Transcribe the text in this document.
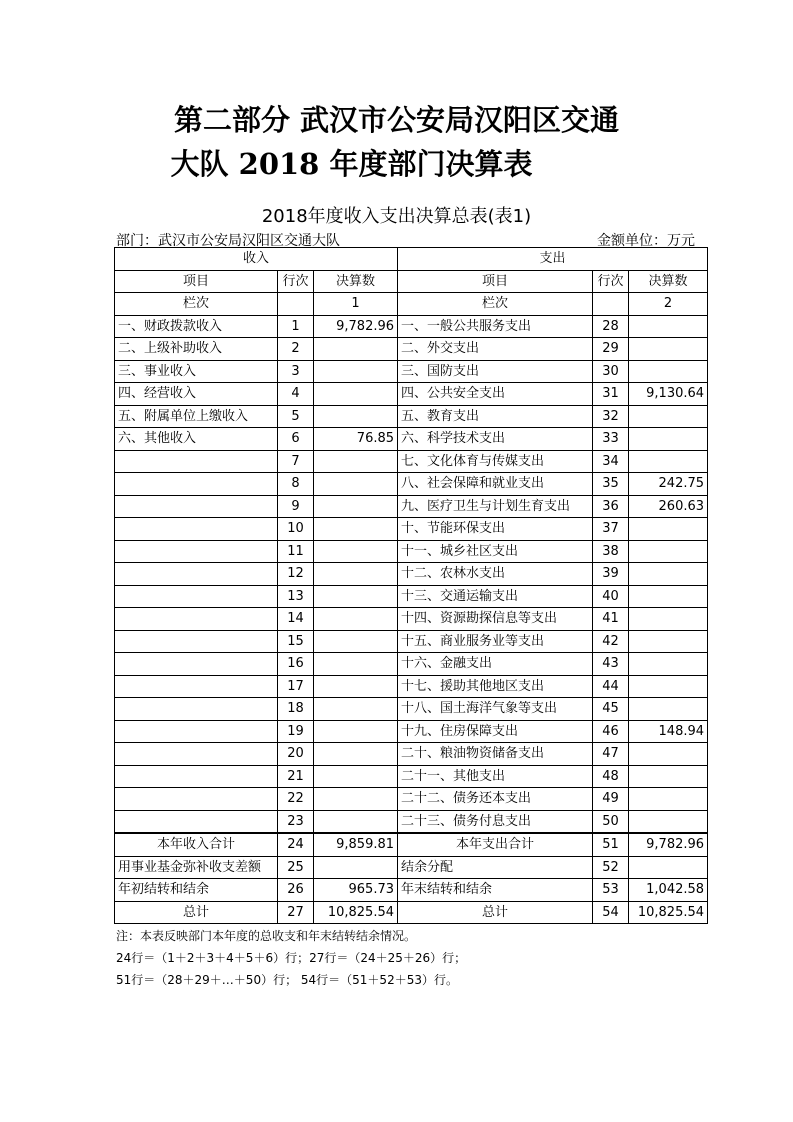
第二部分 武汉市公安局汉阳区交通
大队 2018 年度部门决算表
2018年度收入支出决算总表(表1)
部门：武汉市公安局汉阳区交通大队	金额单位：万元
收入			支出		
项目	行次	决算数	项目	行次	决算数
栏次		1	栏次		2
一、财政拨款收入	1	9,782.96	一、一般公共服务支出	28	
二、上级补助收入	2		二、外交支出	29	
三、事业收入	3		三、国防支出	30	
四、经营收入	4		四、公共安全支出	31	9,130.64
五、附属单位上缴收入	5		五、教育支出	32	
六、其他收入	6	76.85	六、科学技术支出	33	
	7		七、文化体育与传媒支出	34	
	8		八、社会保障和就业支出	35	242.75
	9		九、医疗卫生与计划生育支出	36	260.63
	10		十、节能环保支出	37	
	11		十一、城乡社区支出	38	
	12		十二、农林水支出	39	
	13		十三、交通运输支出	40	
	14		十四、资源勘探信息等支出	41	
	15		十五、商业服务业等支出	42	
	16		十六、金融支出	43	
	17		十七、援助其他地区支出	44	
	18		十八、国土海洋气象等支出	45	
	19		十九、住房保障支出	46	148.94
	20		二十、粮油物资储备支出	47	
	21		二十一、其他支出	48	
	22		二十二、债务还本支出	49	
	23		二十三、债务付息支出	50	
本年收入合计	24	9,859.81	本年支出合计	51	9,782.96
用事业基金弥补收支差额	25		结余分配	52	
年初结转和结余	26	965.73	年末结转和结余	53	1,042.58
总计	27	10,825.54	总计	54	10,825.54
注：本表反映部门本年度的总收支和年末结转结余情况。
24行＝（1＋2＋3＋4＋5＋6）行；27行＝（24＋25＋26）行；
51行＝（28＋29＋…＋50）行； 54行＝（51＋52＋53）行。
